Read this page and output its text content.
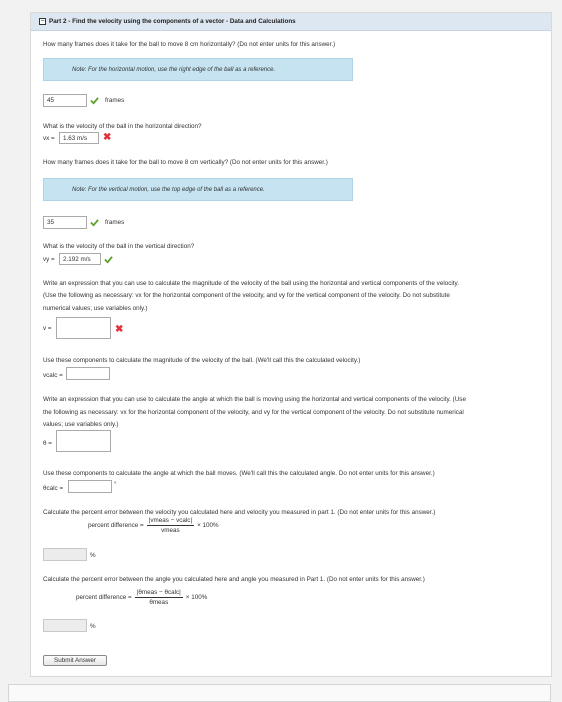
− Part 2 - Find the velocity using the components of a vector - Data and Calculations
How many frames does it take for the ball to move 8 cm horizontally? (Do not enter units for this answer.)
Note: For the horizontal motion, use the right edge of the ball as a reference.
45	frames
What is the velocity of the ball in the horizontal direction?
vx =	1.63 m/s	✖
How many frames does it take for the ball to move 8 cm vertically? (Do not enter units for this answer.)
Note: For the vertical motion, use the top edge of the ball as a reference.
35	frames
What is the velocity of the ball in the vertical direction?
vy =	2.192 m/s
Write an expression that you can use to calculate the magnitude of the velocity of the ball using the horizontal and vertical components of the velocity.
(Use the following as necessary: vx for the horizontal component of the velocity, and vy for the vertical component of the velocity. Do not substitute
numerical values; use variables only.)
v =	✖
Use these components to calculate the magnitude of the velocity of the ball. (We'll call this the calculated velocity.)
vcalc =
Write an expression that you can use to calculate the angle at which the ball is moving using the horizontal and vertical components of the velocity. (Use
the following as necessary: vx for the horizontal component of the velocity, and vy for the vertical component of the velocity. Do not substitute numerical
values; use variables only.)
θ =
Use these components to calculate the angle at which the ball moves. (We'll call this the calculated angle. Do not enter units for this answer.)
θcalc =
°
Calculate the percent error between the velocity you calculated here and velocity you measured in part 1. (Do not enter units for this answer.)
percent difference = $\frac{\text{|vmeas − vcalc|}}{\text{vmeas}} \times 100\%$
%
Calculate the percent error between the angle you calculated here and angle you measured in Part 1. (Do not enter units for this answer.)
percent difference = $\frac{\text{|θmeas − θcalc|}}{\text{θmeas}} \times 100\%$
%
Submit Answer
